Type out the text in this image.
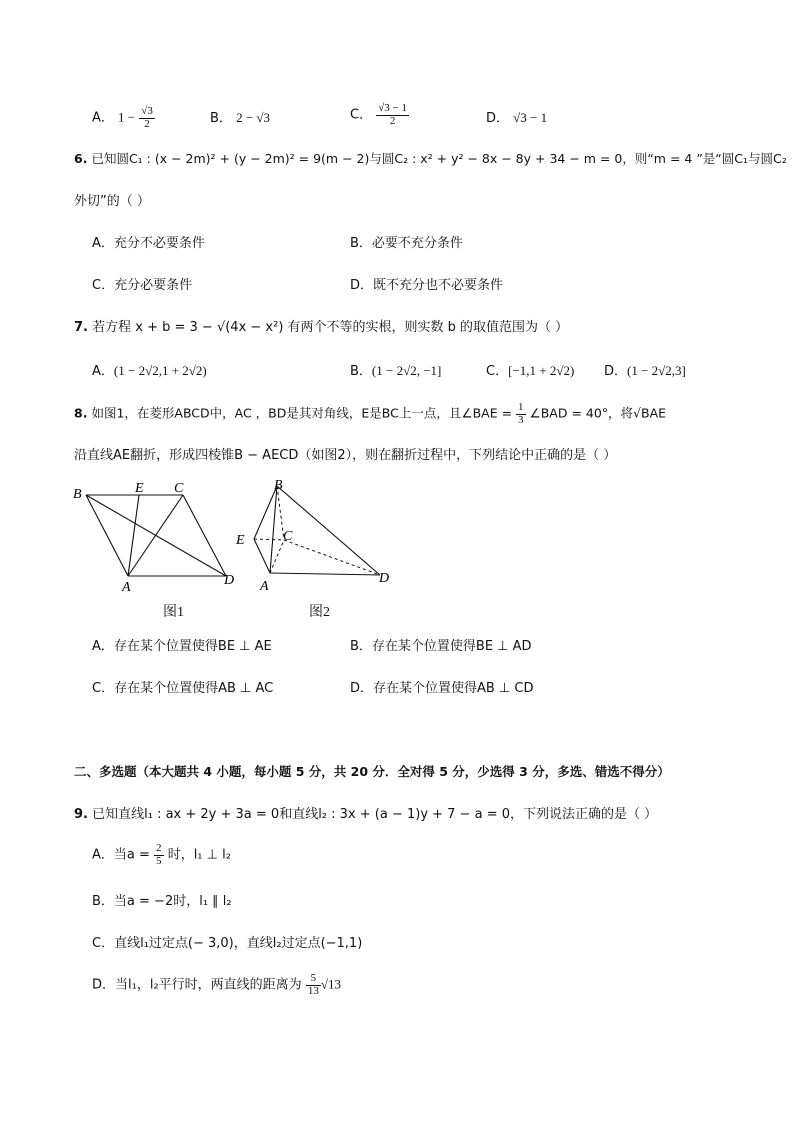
A． $1 - \frac{√3}{2}$	B． 2 − √3	C． $\frac{√3 - 1}{2}$	D． √3 − 1
6. 已知圆C₁ : (x − 2m)² + (y − 2m)² = 9(m − 2)与圆C₂ : x² + y² − 8x − 8y + 34 − m = 0，则“m = 4 ”是“圆C₁与圆C₂
外切”的（ ）
A．充分不必要条件	B．必要不充分条件
C．充分必要条件	D．既不充分也不必要条件
7. 若方程 x + b = 3 − √(4x − x²) 有两个不等的实根，则实数 b 的取值范围为（ ）
A．(1 − 2√2,1 + 2√2)	B．(1 − 2√2, −1]	C．[−1,1 + 2√2) D．(1 − 2√2,3]
8. 如图1，在菱形ABCD中，AC ，BD是其对角线，E是BC上一点，且∠BAE = $\frac{1}{3}$ ∠BAD = 40°，将√BAE
沿直线AE翻折，形成四棱锥B − AECD（如图2），则在翻折过程中，下列结论中正确的是（ ）
B	E C
A	D
图1
B
E	C
A
D
图2
A．存在某个位置使得BE ⊥ AE	B．存在某个位置使得BE ⊥ AD
C．存在某个位置使得AB ⊥ AC	D．存在某个位置使得AB ⊥ CD
二、多选题（本大题共 4 小题，每小题 5 分，共 20 分．全对得 5 分，少选得 3 分，多选、错选不得分）
9. 已知直线l₁ : ax + 2y + 3a = 0和直线l₂ : 3x + (a − 1)y + 7 − a = 0，下列说法正确的是（ ）
A．当$a = \frac{2}{5}$ 时，l₁ ⊥ l₂
B．当a = −2时，l₁ ∥ l₂
C．直线l₁过定点(− 3,0)，直线l₂过定点(−1,1)
D．当l₁，l₂平行时，两直线的距离为 $\frac{5}{13} √13$
